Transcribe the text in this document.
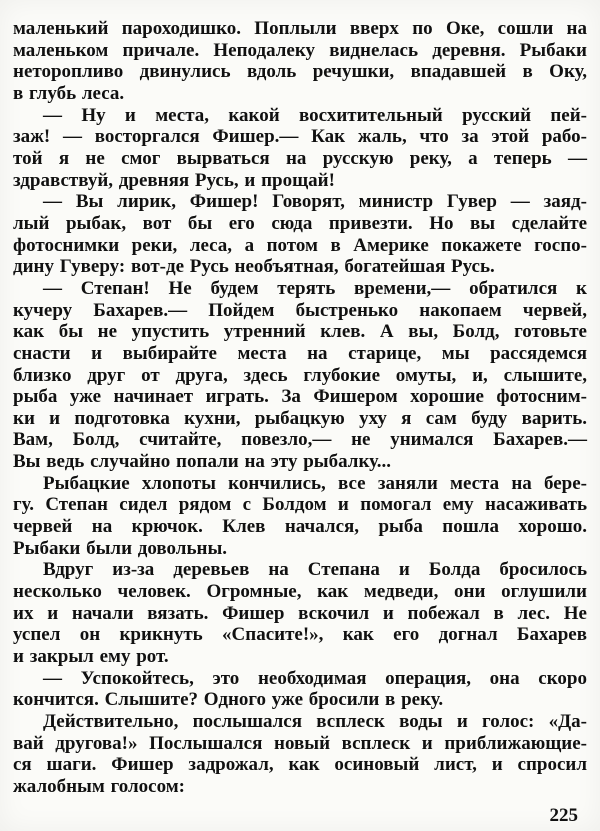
маленький пароходишко. Поплыли вверх по Оке, сошли на
маленьком причале. Неподалеку виднелась деревня. Рыбаки
неторопливо двинулись вдоль речушки, впадавшей в Оку,
в глубь леса.
— Ну и места, какой восхитительный русский пей-
заж! — восторгался Фишер.— Как жаль, что за этой рабо-
той я не смог вырваться на русскую реку, а теперь —
здравствуй, древняя Русь, и прощай!
— Вы лирик, Фишер! Говорят, министр Гувер — заяд-
лый рыбак, вот бы его сюда привезти. Но вы сделайте
фотоснимки реки, леса, а потом в Америке покажете госпо-
дину Гуверу: вот-де Русь необъятная, богатейшая Русь.
— Степан! Не будем терять времени,— обратился к
кучеру Бахарев.— Пойдем быстренько накопаем червей,
как бы не упустить утренний клев. А вы, Болд, готовьте
снасти и выбирайте места на старице, мы рассядемся
близко друг от друга, здесь глубокие омуты, и, слышите,
рыба уже начинает играть. За Фишером хорошие фотосним-
ки и подготовка кухни, рыбацкую уху я сам буду варить.
Вам, Болд, считайте, повезло,— не унимался Бахарев.—
Вы ведь случайно попали на эту рыбалку...
Рыбацкие хлопоты кончились, все заняли места на бере-
гу. Степан сидел рядом с Болдом и помогал ему насаживать
червей на крючок. Клев начался, рыба пошла хорошо.
Рыбаки были довольны.
Вдруг из-за деревьев на Степана и Болда бросилось
несколько человек. Огромные, как медведи, они оглушили
их и начали вязать. Фишер вскочил и побежал в лес. Не
успел он крикнуть «Спасите!», как его догнал Бахарев
и закрыл ему рот.
— Успокойтесь, это необходимая операция, она скоро
кончится. Слышите? Одного уже бросили в реку.
Действительно, послышался всплеск воды и голос: «Да-
вай другова!» Послышался новый всплеск и приближающие-
ся шаги. Фишер задрожал, как осиновый лист, и спросил
жалобным голосом:
225
